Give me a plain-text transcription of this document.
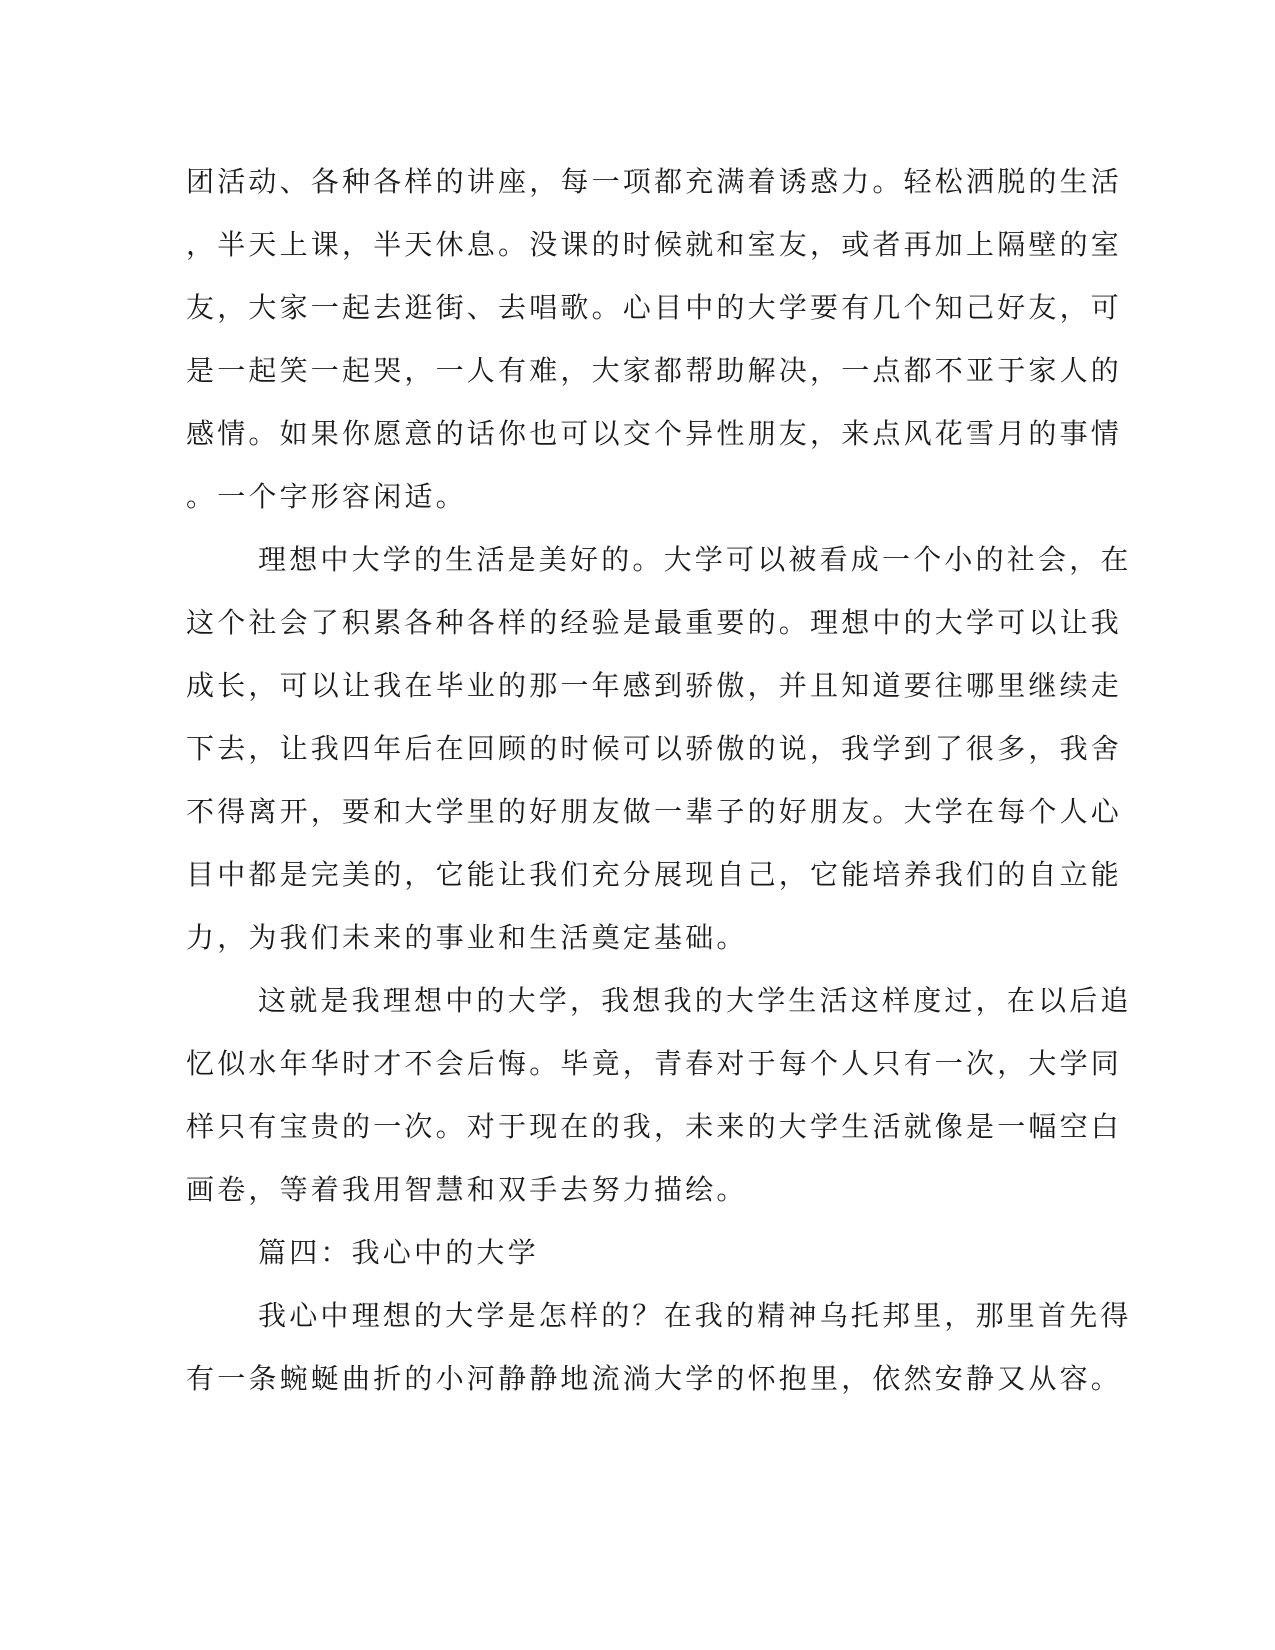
团活动、各种各样的讲座，每一项都充满着诱惑力。轻松洒脱的生活
，半天上课，半天休息。没课的时候就和室友，或者再加上隔壁的室
友，大家一起去逛街、去唱歌。心目中的大学要有几个知己好友，可
是一起笑一起哭，一人有难，大家都帮助解决，一点都不亚于家人的
感情。如果你愿意的话你也可以交个异性朋友，来点风花雪月的事情
。一个字形容闲适。
理想中大学的生活是美好的。大学可以被看成一个小的社会，在
这个社会了积累各种各样的经验是最重要的。理想中的大学可以让我
成长，可以让我在毕业的那一年感到骄傲，并且知道要往哪里继续走
下去，让我四年后在回顾的时候可以骄傲的说，我学到了很多，我舍
不得离开，要和大学里的好朋友做一辈子的好朋友。大学在每个人心
目中都是完美的，它能让我们充分展现自己，它能培养我们的自立能
力，为我们未来的事业和生活奠定基础。
这就是我理想中的大学，我想我的大学生活这样度过，在以后追
忆似水年华时才不会后悔。毕竟，青春对于每个人只有一次，大学同
样只有宝贵的一次。对于现在的我，未来的大学生活就像是一幅空白
画卷，等着我用智慧和双手去努力描绘。
篇四：我心中的大学
我心中理想的大学是怎样的？在我的精神乌托邦里，那里首先得
有一条蜿蜒曲折的小河静静地流淌大学的怀抱里，依然安静又从容。
